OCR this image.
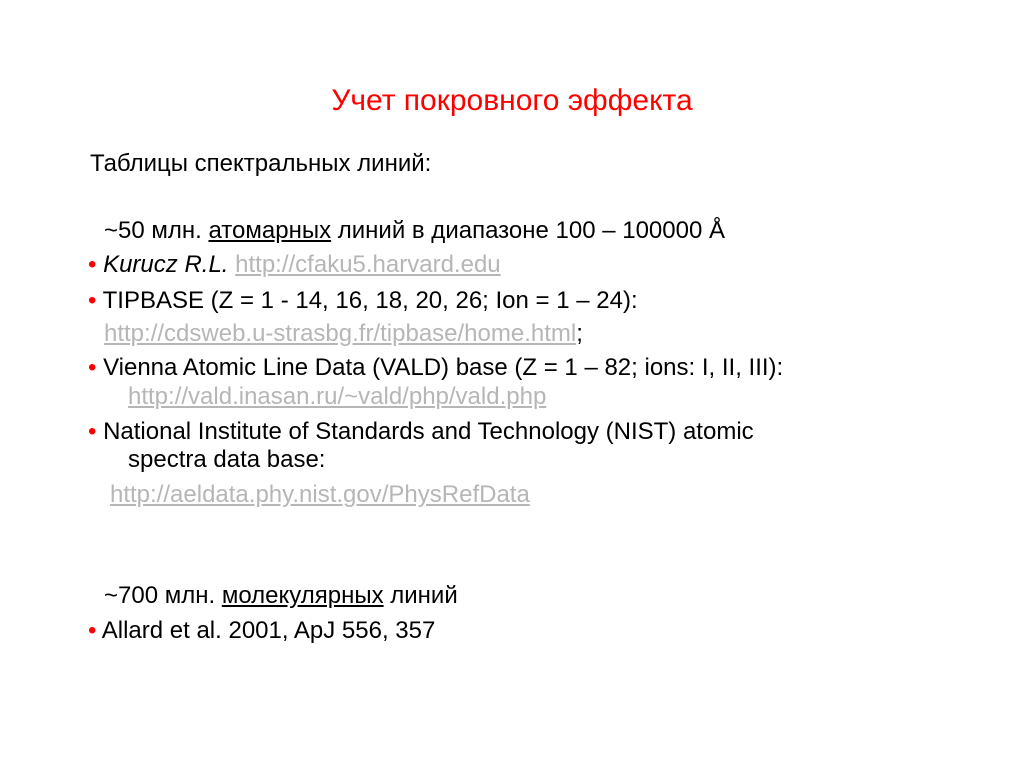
Учет покровного эффекта
Таблицы спектральных линий:
~50 млн. атомарных линий в диапазоне 100 – 100000 Å
• Kurucz R.L. http://cfaku5.harvard.edu
• TIPBASE (Z = 1 - 14, 16, 18, 20, 26; Ion = 1 – 24):
http://cdsweb.u-strasbg.fr/tipbase/home.html;
• Vienna Atomic Line Data (VALD) base (Z = 1 – 82; ions: I, II, III):
http://vald.inasan.ru/~vald/php/vald.php
• National Institute of Standards and Technology (NIST) atomic
spectra data base:
http://aeldata.phy.nist.gov/PhysRefData
~700 млн. молекулярных линий
• Allard et al. 2001, ApJ 556, 357
